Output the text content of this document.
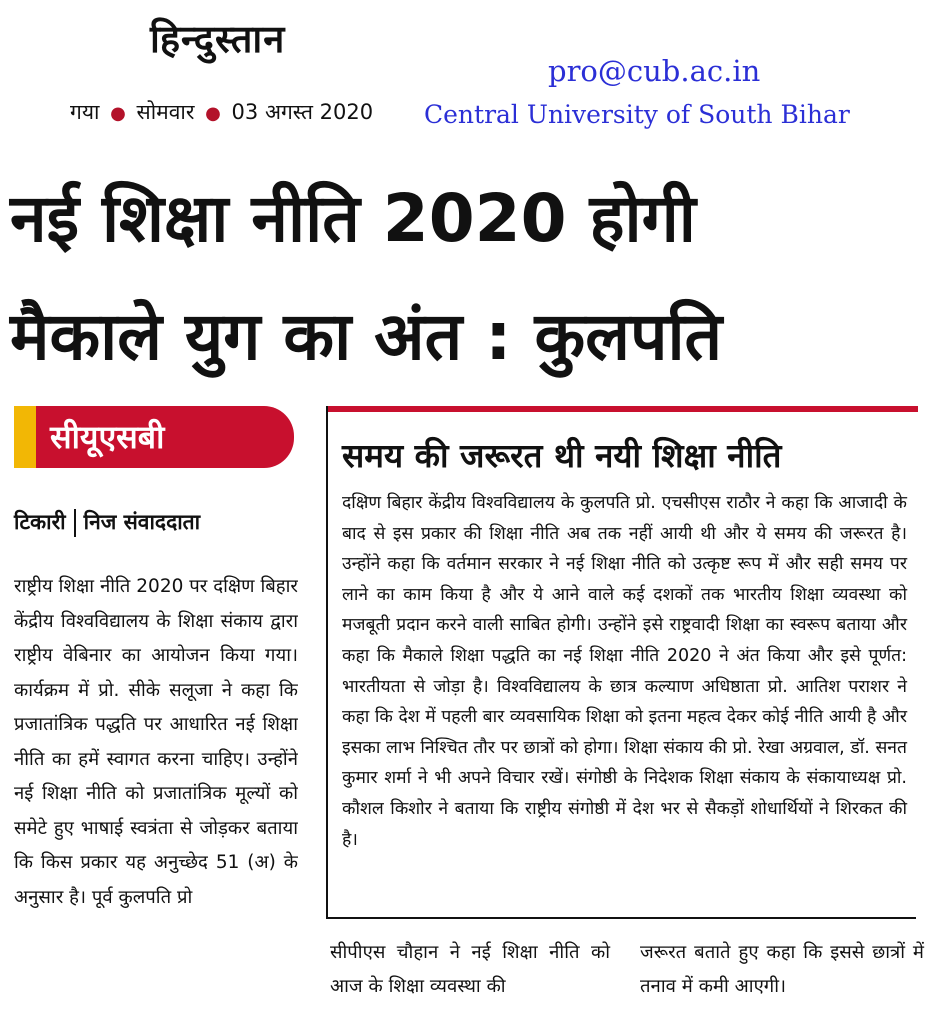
हिन्दुस्तान
गया ● सोमवार ● 03 अगस्त 2020
pro@cub.ac.in
Central University of South Bihar
नई शिक्षा नीति 2020 होगी
मैकाले युग का अंत : कुलपति
सीयूएसबी
टिकारी निज संवाददाता
राष्ट्रीय शिक्षा नीति 2020 पर दक्षिण बिहार केंद्रीय विश्वविद्यालय के शिक्षा संकाय द्वारा राष्ट्रीय वेबिनार का आयोजन किया गया। कार्यक्रम में प्रो. सीके सलूजा ने कहा कि प्रजातांत्रिक पद्धति पर आधारित नई शिक्षा नीति का हमें स्वागत करना चाहिए। उन्होंने नई शिक्षा नीति को प्रजातांत्रिक मूल्यों को समेटे हुए भाषाई स्वत्रंता से जोड़कर बताया कि किस प्रकार यह अनुच्छेद 51 (अ) के अनुसार है। पूर्व कुलपति प्रो
समय की जरूरत थी नयी शिक्षा नीति
दक्षिण बिहार केंद्रीय विश्वविद्यालय के कुलपति प्रो. एचसीएस राठौर ने कहा कि आजादी के बाद से इस प्रकार की शिक्षा नीति अब तक नहीं आयी थी और ये समय की जरूरत है। उन्होंने कहा कि वर्तमान सरकार ने नई शिक्षा नीति को उत्कृष्ट रूप में और सही समय पर लाने का काम किया है और ये आने वाले कई दशकों तक भारतीय शिक्षा व्यवस्था को मजबूती प्रदान करने वाली साबित होगी। उन्होंने इसे राष्ट्रवादी शिक्षा का स्वरूप बताया और कहा कि मैकाले शिक्षा पद्धति का नई शिक्षा नीति 2020 ने अंत किया और इसे पूर्णत: भारतीयता से जोड़ा है। विश्वविद्यालय के छात्र कल्याण अधिष्ठाता प्रो. आतिश पराशर ने कहा कि देश में पहली बार व्यवसायिक शिक्षा को इतना महत्व देकर कोई नीति आयी है और इसका लाभ निश्चित तौर पर छात्रों को होगा। शिक्षा संकाय की प्रो. रेखा अग्रवाल, डॉ. सनत कुमार शर्मा ने भी अपने विचार रखें। संगोष्ठी के निदेशक शिक्षा संकाय के संकायाध्यक्ष प्रो. कौशल किशोर ने बताया कि राष्ट्रीय संगोष्ठी में देश भर से सैकड़ों शोधार्थियों ने शिरकत की है।
सीपीएस चौहान ने नई शिक्षा नीति को आज के शिक्षा व्यवस्था की
जरूरत बताते हुए कहा कि इससे छात्रों में तनाव में कमी आएगी।
